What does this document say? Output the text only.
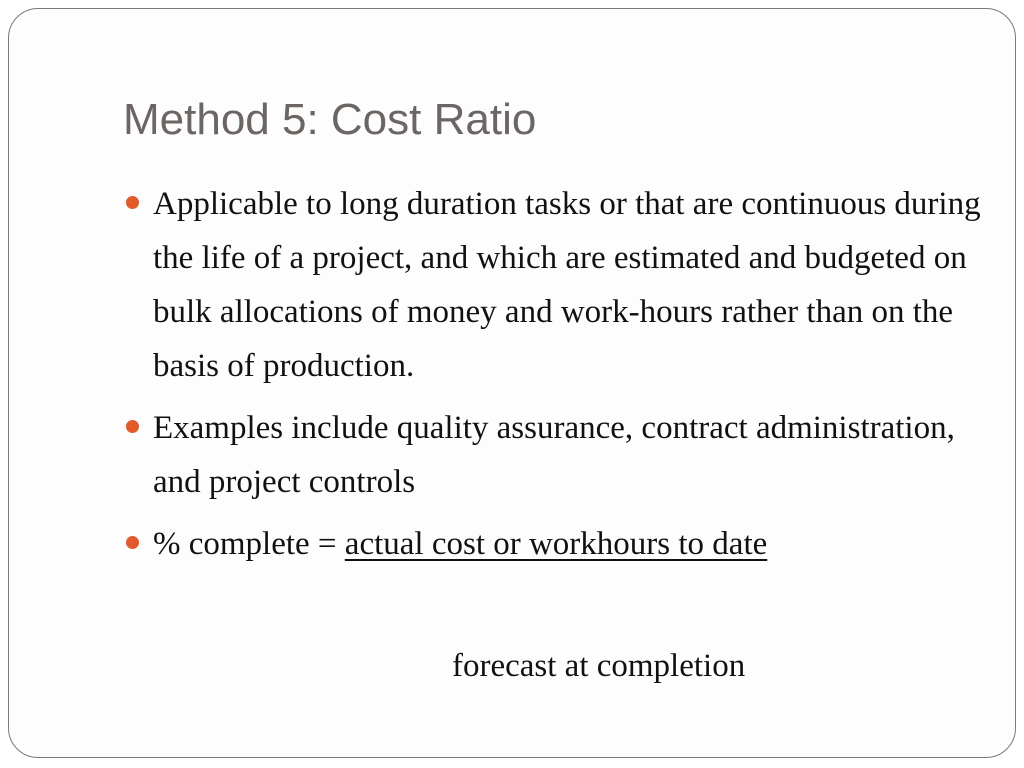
Method 5: Cost Ratio
Applicable to long duration tasks or that are continuous during the life of a project, and which are estimated and budgeted on bulk allocations of money and work-hours rather than on the basis of production.
Examples include quality assurance, contract administration, and project controls
% complete = actual cost or workhours to date
forecast at completion
